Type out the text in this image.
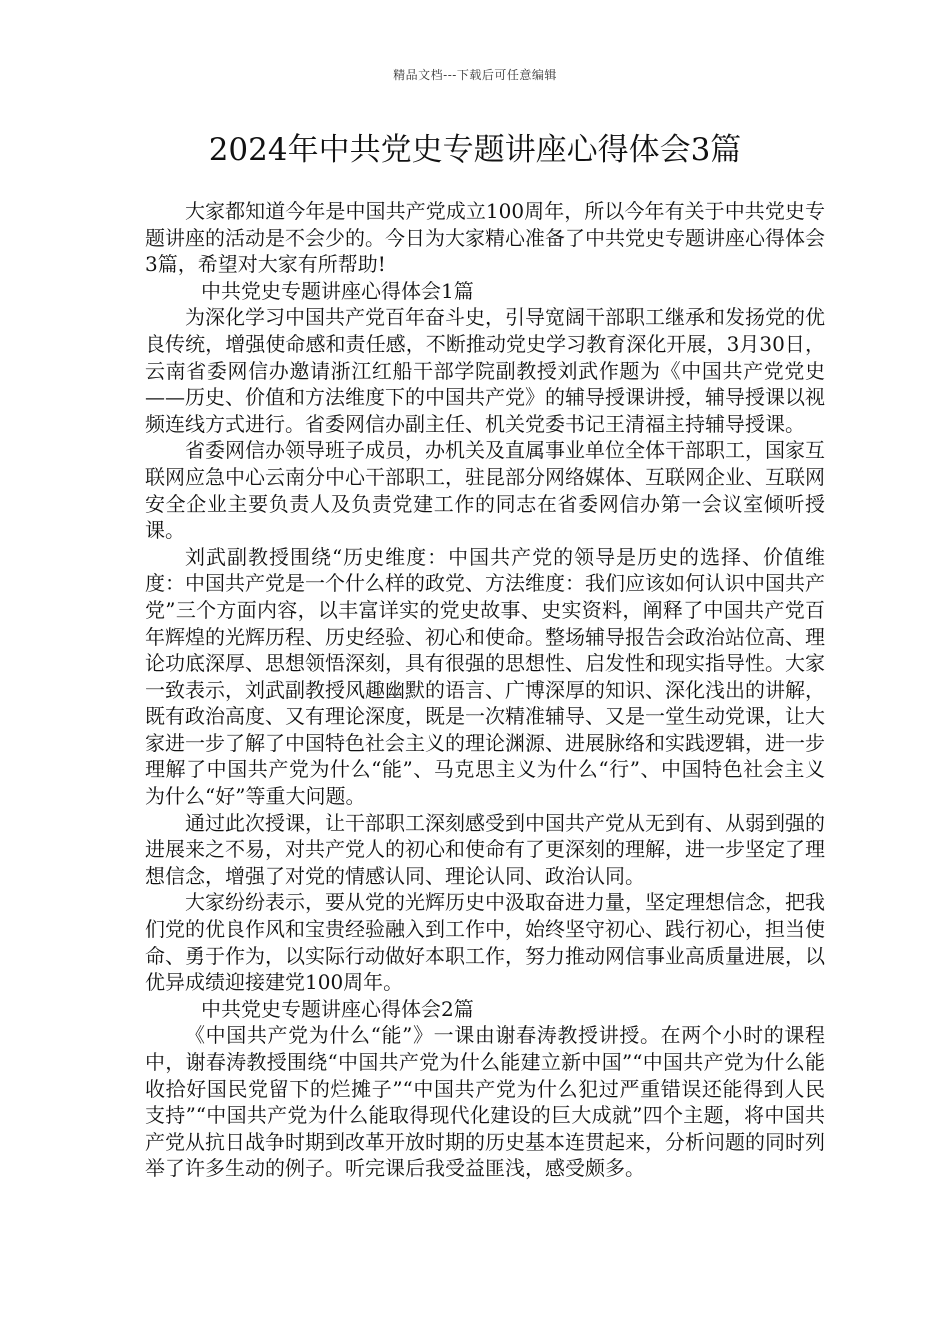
精品文档---下载后可任意编辑
2024年中共党史专题讲座心得体会3篇

大家都知道今年是中国共产党成立100周年，所以今年有关于中共党史专题讲座的活动是不会少的。今日为大家精心准备了中共党史专题讲座心得体会3篇，希望对大家有所帮助!

中共党史专题讲座心得体会1篇

为深化学习中国共产党百年奋斗史，引导宽阔干部职工继承和发扬党的优良传统，增强使命感和责任感，不断推动党史学习教育深化开展，3月30日，云南省委网信办邀请浙江红船干部学院副教授刘武作题为《中国共产党党史——历史、价值和方法维度下的中国共产党》的辅导授课讲授，辅导授课以视频连线方式进行。省委网信办副主任、机关党委书记王清福主持辅导授课。

省委网信办领导班子成员，办机关及直属事业单位全体干部职工，国家互联网应急中心云南分中心干部职工，驻昆部分网络媒体、互联网企业、互联网安全企业主要负责人及负责党建工作的同志在省委网信办第一会议室倾听授课。

刘武副教授围绕“历史维度：中国共产党的领导是历史的选择、价值维度：中国共产党是一个什么样的政党、方法维度：我们应该如何认识中国共产党”三个方面内容，以丰富详实的党史故事、史实资料，阐释了中国共产党百年辉煌的光辉历程、历史经验、初心和使命。整场辅导报告会政治站位高、理论功底深厚、思想领悟深刻，具有很强的思想性、启发性和现实指导性。大家一致表示，刘武副教授风趣幽默的语言、广博深厚的知识、深化浅出的讲解，既有政治高度、又有理论深度，既是一次精准辅导、又是一堂生动党课，让大家进一步了解了中国特色社会主义的理论渊源、进展脉络和实践逻辑，进一步理解了中国共产党为什么“能”、马克思主义为什么“行”、中国特色社会主义为什么“好”等重大问题。

通过此次授课，让干部职工深刻感受到中国共产党从无到有、从弱到强的进展来之不易，对共产党人的初心和使命有了更深刻的理解，进一步坚定了理想信念，增强了对党的情感认同、理论认同、政治认同。

大家纷纷表示，要从党的光辉历史中汲取奋进力量，坚定理想信念，把我们党的优良作风和宝贵经验融入到工作中，始终坚守初心、践行初心，担当使命、勇于作为，以实际行动做好本职工作，努力推动网信事业高质量进展，以优异成绩迎接建党100周年。

中共党史专题讲座心得体会2篇

《中国共产党为什么“能”》一课由谢春涛教授讲授。在两个小时的课程中，谢春涛教授围绕“中国共产党为什么能建立新中国”“中国共产党为什么能收拾好国民党留下的烂摊子”“中国共产党为什么犯过严重错误还能得到人民支持”“中国共产党为什么能取得现代化建设的巨大成就”四个主题，将中国共产党从抗日战争时期到改革开放时期的历史基本连贯起来，分析问题的同时列举了许多生动的例子。听完课后我受益匪浅，感受颇多。
